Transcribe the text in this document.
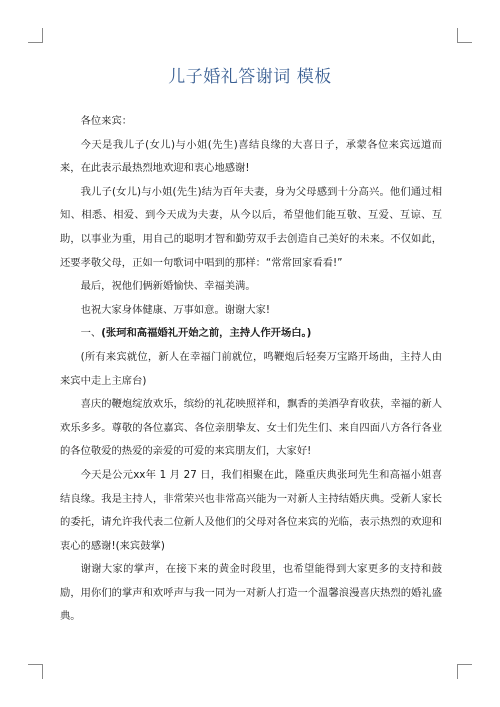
儿子婚礼答谢词 模板

各位来宾：

今天是我儿子(女儿)与小姐(先生)喜结良缘的大喜日子，承蒙各位来宾远道而来，在此表示最热烈地欢迎和衷心地感谢!

我儿子(女儿)与小姐(先生)结为百年夫妻，身为父母感到十分高兴。他们通过相知、相悉、相爱、到今天成为夫妻，从今以后，希望他们能互敬、互爱、互谅、互助，以事业为重，用自己的聪明才智和勤劳双手去创造自己美好的未来。不仅如此，还要孝敬父母，正如一句歌词中唱到的那样：“常常回家看看!”

最后，祝他们俩新婚愉快、幸福美满。

也祝大家身体健康、万事如意。谢谢大家!

一、(张珂和高福婚礼开始之前，主持人作开场白。)

(所有来宾就位，新人在幸福门前就位，鸣鞭炮后轻奏万宝路开场曲，主持人由来宾中走上主席台)

喜庆的鞭炮绽放欢乐，缤纷的礼花映照祥和，飘香的美酒孕育收获，幸福的新人欢乐多多。尊敬的各位嘉宾、各位亲朋挚友、女士们先生们、来自四面八方各行各业的各位敬爱的热爱的亲爱的可爱的来宾朋友们，大家好!

今天是公元xx年 1 月 27 日，我们相聚在此，隆重庆典张珂先生和高福小姐喜结良缘。我是主持人，非常荣兴也非常高兴能为一对新人主持结婚庆典。受新人家长的委托，请允许我代表二位新人及他们的父母对各位来宾的光临，表示热烈的欢迎和衷心的感谢!(来宾鼓掌)

谢谢大家的掌声，在接下来的黄金时段里，也希望能得到大家更多的支持和鼓励，用你们的掌声和欢呼声与我一同为一对新人打造一个温馨浪漫喜庆热烈的婚礼盛典。
